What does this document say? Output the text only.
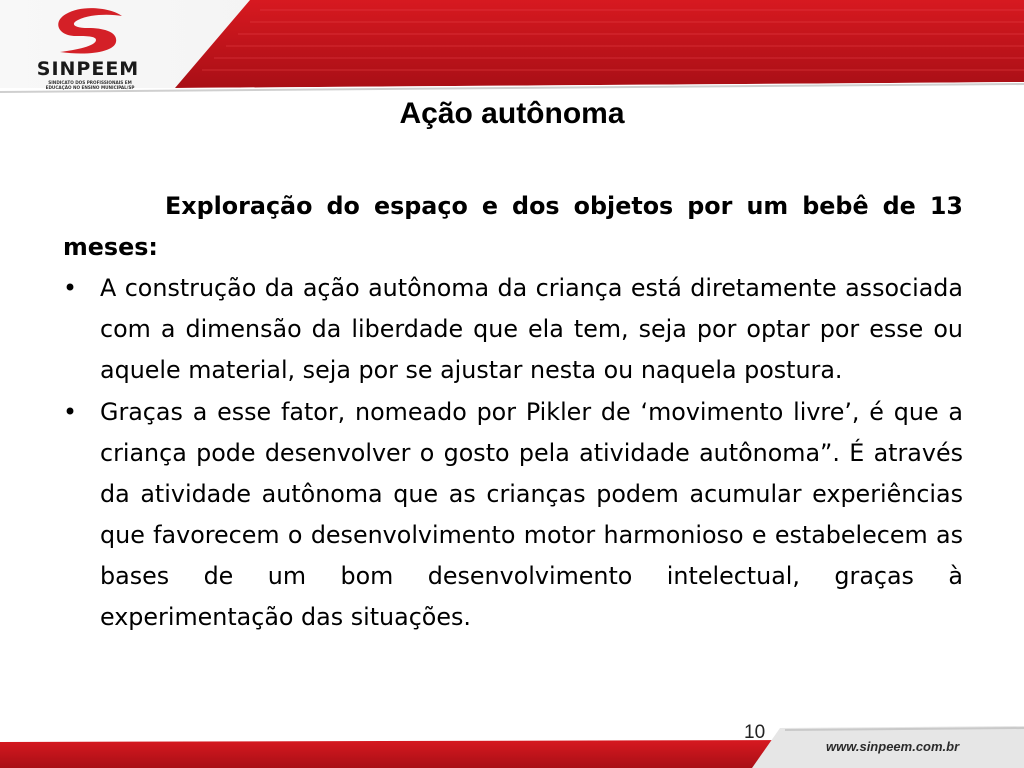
SINPEEM
SINDICATO DOS PROFISSIONAIS EM EDUCAÇÃO NO ENSINO MUNICIPAL/SP
Ação autônoma

Exploração do espaço e dos objetos por um bebê de 13 meses:

• A construção da ação autônoma da criança está diretamente associada com a dimensão da liberdade que ela tem, seja por optar por esse ou aquele material, seja por se ajustar nesta ou naquela postura.
• Graças a esse fator, nomeado por Pikler de ‘movimento livre’, é que a criança pode desenvolver o gosto pela atividade autônoma”. É através da atividade autônoma que as crianças podem acumular experiências que favorecem o desenvolvimento motor harmonioso e estabelecem as bases de um bom desenvolvimento intelectual, graças à experimentação das situações.
10
www.sinpeem.com.br
